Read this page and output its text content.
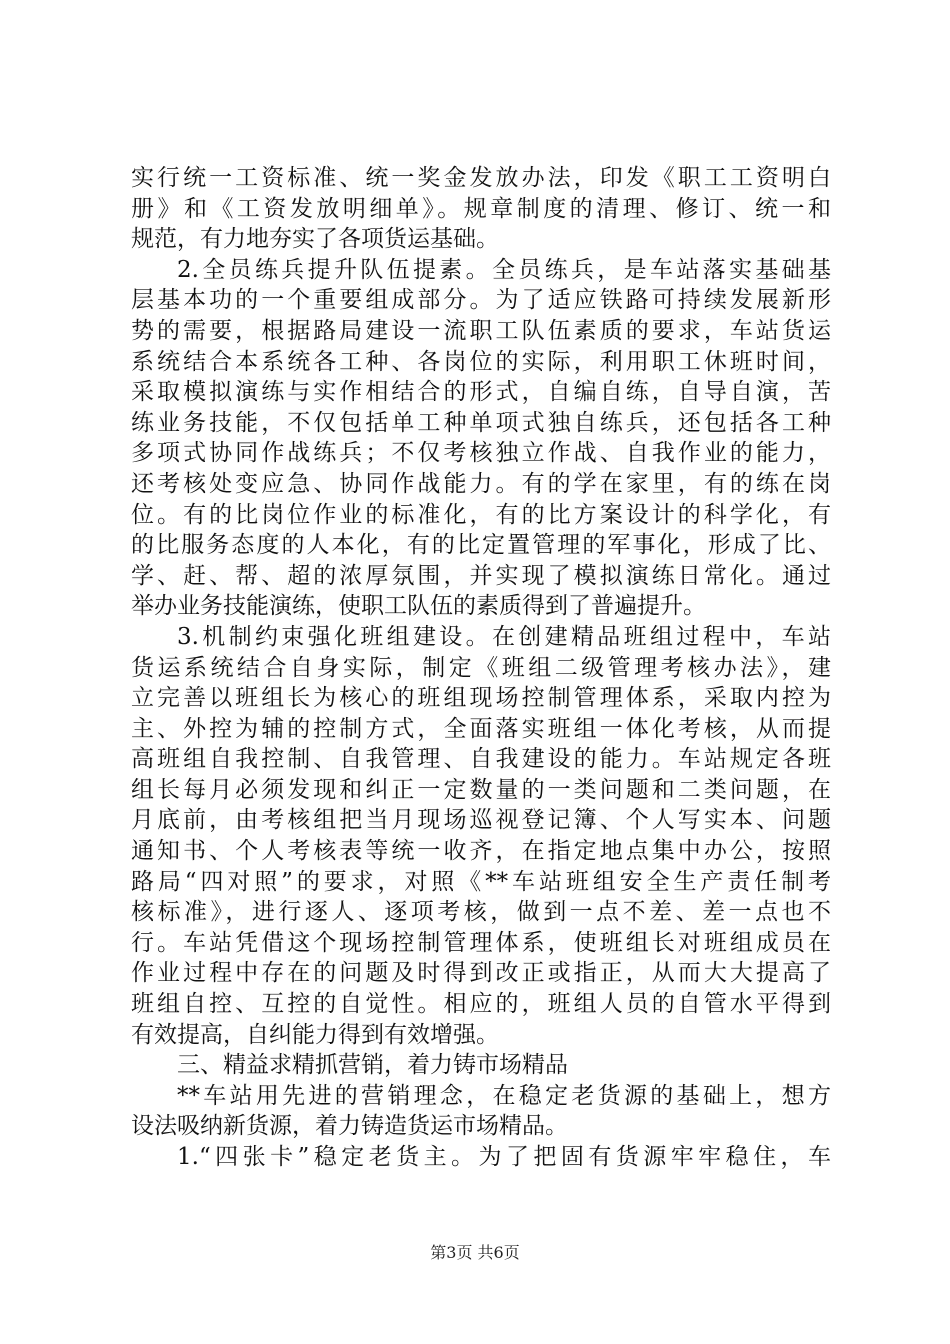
实行统一工资标准、统一奖金发放办法，印发《职工工资明白
册》和《工资发放明细单》。规章制度的清理、修订、统一和
规范，有力地夯实了各项货运基础。
2.全员练兵提升队伍提素。全员练兵，是车站落实基础基
层基本功的一个重要组成部分。为了适应铁路可持续发展新形
势的需要，根据路局建设一流职工队伍素质的要求，车站货运
系统结合本系统各工种、各岗位的实际，利用职工休班时间，
采取模拟演练与实作相结合的形式，自编自练，自导自演，苦
练业务技能，不仅包括单工种单项式独自练兵，还包括各工种
多项式协同作战练兵；不仅考核独立作战、自我作业的能力，
还考核处变应急、协同作战能力。有的学在家里，有的练在岗
位。有的比岗位作业的标准化，有的比方案设计的科学化，有
的比服务态度的人本化，有的比定置管理的军事化，形成了比、
学、赶、帮、超的浓厚氛围，并实现了模拟演练日常化。通过
举办业务技能演练，使职工队伍的素质得到了普遍提升。
3.机制约束强化班组建设。在创建精品班组过程中，车站
货运系统结合自身实际，制定《班组二级管理考核办法》，建
立完善以班组长为核心的班组现场控制管理体系，采取内控为
主、外控为辅的控制方式，全面落实班组一体化考核，从而提
高班组自我控制、自我管理、自我建设的能力。车站规定各班
组长每月必须发现和纠正一定数量的一类问题和二类问题，在
月底前，由考核组把当月现场巡视登记簿、个人写实本、问题
通知书、个人考核表等统一收齐，在指定地点集中办公，按照
路局“四对照”的要求，对照《**车站班组安全生产责任制考
核标准》，进行逐人、逐项考核，做到一点不差、差一点也不
行。车站凭借这个现场控制管理体系，使班组长对班组成员在
作业过程中存在的问题及时得到改正或指正，从而大大提高了
班组自控、互控的自觉性。相应的，班组人员的自管水平得到
有效提高，自纠能力得到有效增强。
三、精益求精抓营销，着力铸市场精品
**车站用先进的营销理念，在稳定老货源的基础上，想方
设法吸纳新货源，着力铸造货运市场精品。
1.“四张卡”稳定老货主。为了把固有货源牢牢稳住，车
第3页 共6页
